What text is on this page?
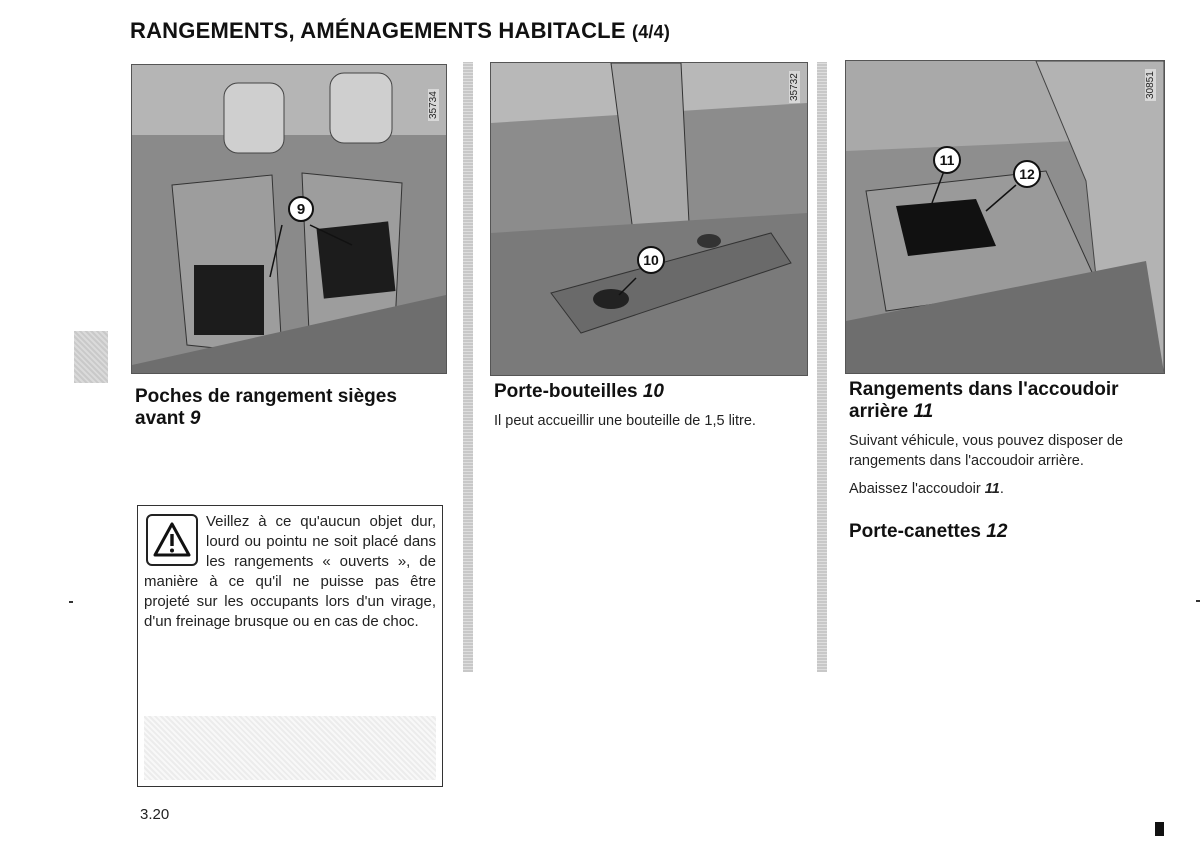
RANGEMENTS, AMÉNAGEMENTS HABITACLE (4/4)
35734
9
35732
10
30851
11
12
Poches de rangement sièges avant 9
Veillez à ce qu'aucun objet dur, lourd ou pointu ne soit placé dans les rangements « ouverts », de manière à ce qu'il ne puisse pas être projeté sur les occupants lors d'un virage, d'un freinage brusque ou en cas de choc.
Porte-bouteilles 10

Il peut accueillir une bouteille de 1,5 litre.

Rangements dans l'accoudoir arrière 11

Suivant véhicule, vous pouvez disposer de rangements dans l'accoudoir arrière.

Abaissez l'accoudoir 11.

Porte-canettes 12
3.20
